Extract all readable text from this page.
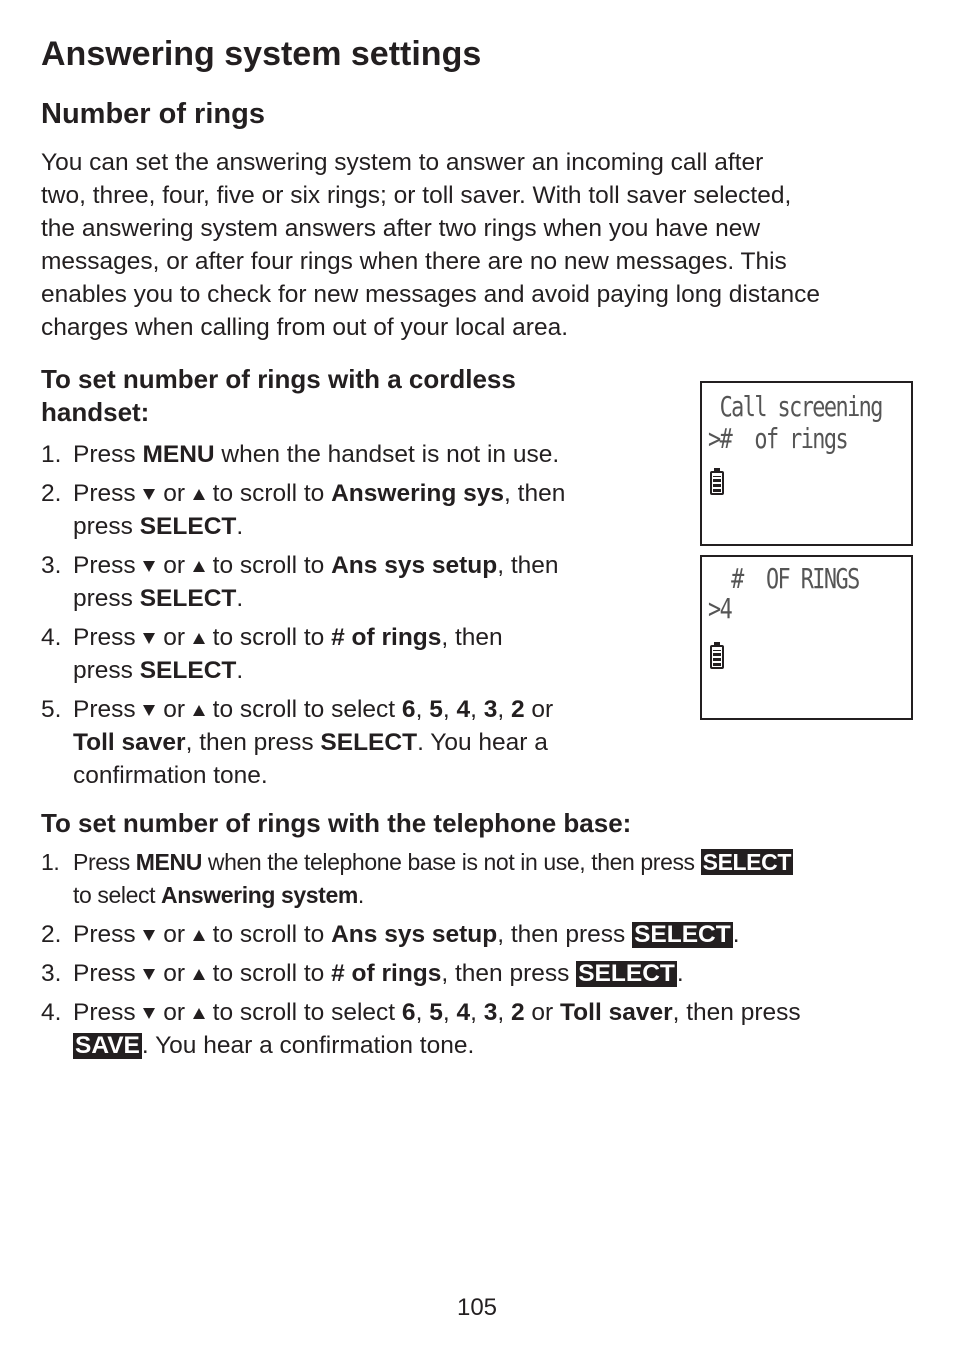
Answering system settings
Number of rings

You can set the answering system to answer an incoming call after

two, three, four, five or six rings; or toll saver. With toll saver selected,

the answering system answers after two rings when you have new

messages, or after four rings when there are no new messages. This

enables you to check for new messages and avoid paying long distance

charges when calling from out of your local area.

To set number of rings with a cordless
handset:
1. Press MENU when the handset is not in use.
2. Press  or  to scroll to Answering sys, then
press SELECT.
3. Press  or  to scroll to Ans sys setup, then
press SELECT.
4. Press  or  to scroll to # of rings, then
press SELECT.
5. Press  or  to scroll to select 6, 5, 4, 3, 2 or
Toll saver, then press SELECT. You hear a
confirmation tone.
Call screening
>#  of rings
#  OF RINGS
>4
To set number of rings with the telephone base:
1. Press MENU when the telephone base is not in use, then press SELECT
to select Answering system.
2. Press  or  to scroll to Ans sys setup, then press SELECT.
3. Press  or  to scroll to # of rings, then press SELECT.
4. Press  or  to scroll to select 6, 5, 4, 3, 2 or Toll saver, then press
SAVE. You hear a confirmation tone.
105
